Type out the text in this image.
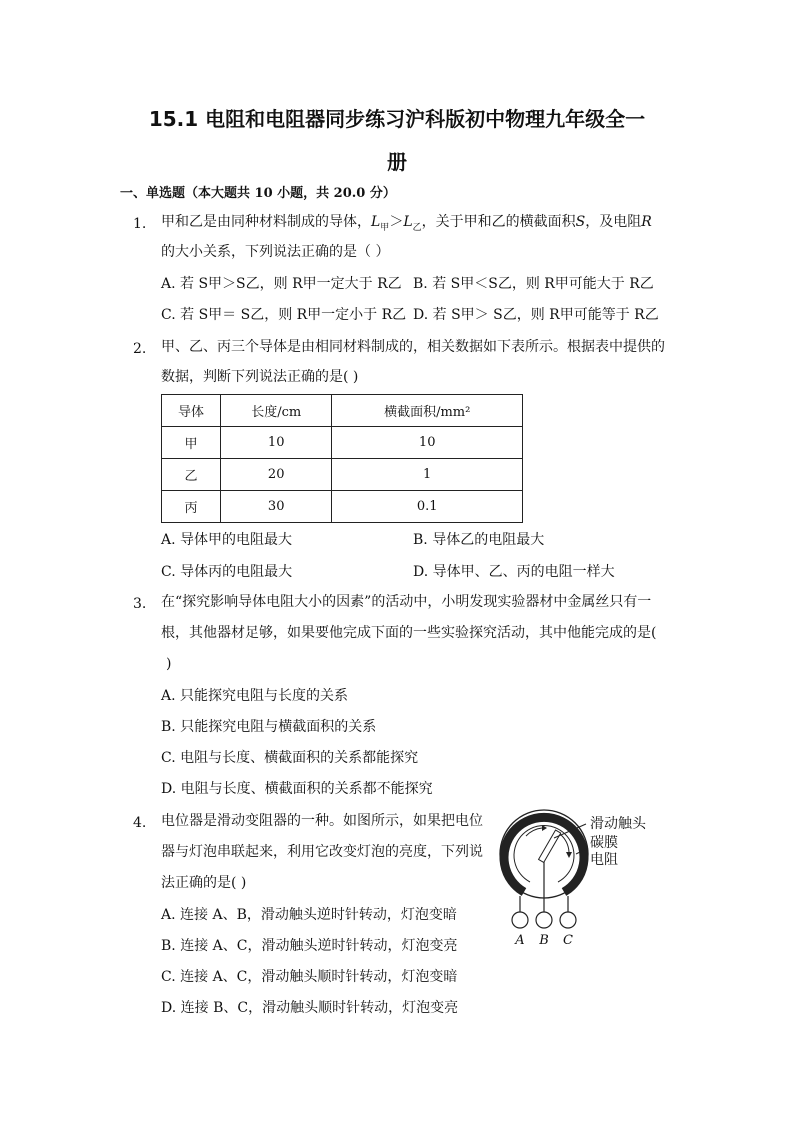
15.1 电阻和电阻器同步练习沪科版初中物理九年级全一
册
一、单选题（本大题共 10 小题，共 20.0 分）
1. 甲和乙是由同种材料制成的导体，$L_甲>L_乙$，关于甲和乙的横截面积S，及电阻R
的大小关系，下列说法正确的是（ ）
A. 若 S甲＞S乙，则 R甲一定大于 R乙 B. 若 S甲＜S乙，则 R甲可能大于 R乙
C. 若 S甲＝ S乙，则 R甲一定小于 R乙 D. 若 S甲＞ S乙，则 R甲可能等于 R乙
2. 甲、乙、丙三个导体是由相同材料制成的，相关数据如下表所示。根据表中提供的
数据，判断下列说法正确的是( )
导体	长度/cm	横截面积/mm²
甲	10	10
乙	20	1
丙	30	0.1
A. 导体甲的电阻最大	B. 导体乙的电阻最大
C. 导体丙的电阻最大	D. 导体甲、乙、丙的电阻一样大
3. 在“探究影响导体电阻大小的因素”的活动中，小明发现实验器材中金属丝只有一
根，其他器材足够，如果要他完成下面的一些实验探究活动，其中他能完成的是(
)
A. 只能探究电阻与长度的关系
B. 只能探究电阻与横截面积的关系
C. 电阻与长度、横截面积的关系都能探究
D. 电阻与长度、横截面积的关系都不能探究
4. 电位器是滑动变阻器的一种。如图所示，如果把电位
器与灯泡串联起来，利用它改变灯泡的亮度，下列说
法正确的是( )
A. 连接 A、B，滑动触头逆时针转动，灯泡变暗
B. 连接 A、C，滑动触头逆时针转动，灯泡变亮
C. 连接 A、C，滑动触头顺时针转动，灯泡变暗
D. 连接 B、C，滑动触头顺时针转动，灯泡变亮
滑动触头
碳膜
电阻
A B C
